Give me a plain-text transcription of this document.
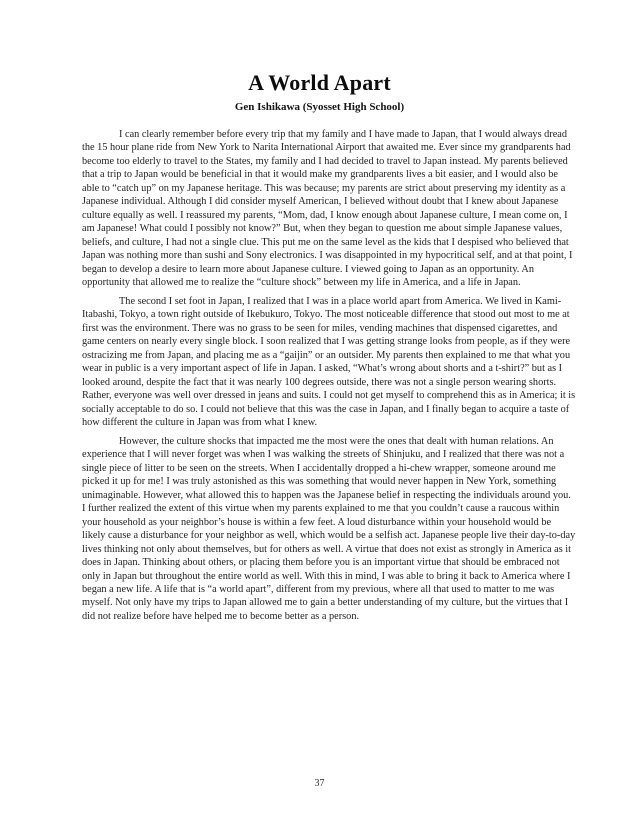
A World Apart
Gen Ishikawa (Syosset High School)

I can clearly remember before every trip that my family and I have made to Japan, that I would always dread the 15 hour plane ride from New York to Narita International Airport that awaited me. Ever since my grandparents had become too elderly to travel to the States, my family and I had decided to travel to Japan instead. My parents believed that a trip to Japan would be beneficial in that it would make my grandparents lives a bit easier, and I would also be able to “catch up” on my Japanese heritage. This was because; my parents are strict about preserving my identity as a Japanese individual. Although I did consider myself American, I believed without doubt that I knew about Japanese culture equally as well. I reassured my parents, “Mom, dad, I know enough about Japanese culture, I mean come on, I am Japanese! What could I possibly not know?” But, when they began to question me about simple Japanese values, beliefs, and culture, I had not a single clue. This put me on the same level as the kids that I despised who believed that Japan was nothing more than sushi and Sony electronics. I was disappointed in my hypocritical self, and at that point, I began to develop a desire to learn more about Japanese culture. I viewed going to Japan as an opportunity. An opportunity that allowed me to realize the “culture shock” between my life in America, and a life in Japan.

The second I set foot in Japan, I realized that I was in a place world apart from America. We lived in Kami-Itabashi, Tokyo, a town right outside of Ikebukuro, Tokyo. The most noticeable difference that stood out most to me at first was the environment. There was no grass to be seen for miles, vending machines that dispensed cigarettes, and game centers on nearly every single block. I soon realized that I was getting strange looks from people, as if they were ostracizing me from Japan, and placing me as a “gaijin” or an outsider. My parents then explained to me that what you wear in public is a very important aspect of life in Japan. I asked, “What’s wrong about shorts and a t-shirt?” but as I looked around, despite the fact that it was nearly 100 degrees outside, there was not a single person wearing shorts. Rather, everyone was well over dressed in jeans and suits. I could not get myself to comprehend this as in America; it is socially acceptable to do so. I could not believe that this was the case in Japan, and I finally began to acquire a taste of how different the culture in Japan was from what I knew.

However, the culture shocks that impacted me the most were the ones that dealt with human relations. An experience that I will never forget was when I was walking the streets of Shinjuku, and I realized that there was not a single piece of litter to be seen on the streets. When I accidentally dropped a hi-chew wrapper, someone around me picked it up for me! I was truly astonished as this was something that would never happen in New York, something unimaginable. However, what allowed this to happen was the Japanese belief in respecting the individuals around you. I further realized the extent of this virtue when my parents explained to me that you couldn’t cause a raucous within your household as your neighbor’s house is within a few feet. A loud disturbance within your household would be likely cause a disturbance for your neighbor as well, which would be a selfish act. Japanese people live their day-to-day lives thinking not only about themselves, but for others as well. A virtue that does not exist as strongly in America as it does in Japan. Thinking about others, or placing them before you is an important virtue that should be embraced not only in Japan but throughout the entire world as well. With this in mind, I was able to bring it back to America where I began a new life. A life that is “a world apart”, different from my previous, where all that used to matter to me was myself. Not only have my trips to Japan allowed me to gain a better understanding of my culture, but the virtues that I did not realize before have helped me to become better as a person.

37
